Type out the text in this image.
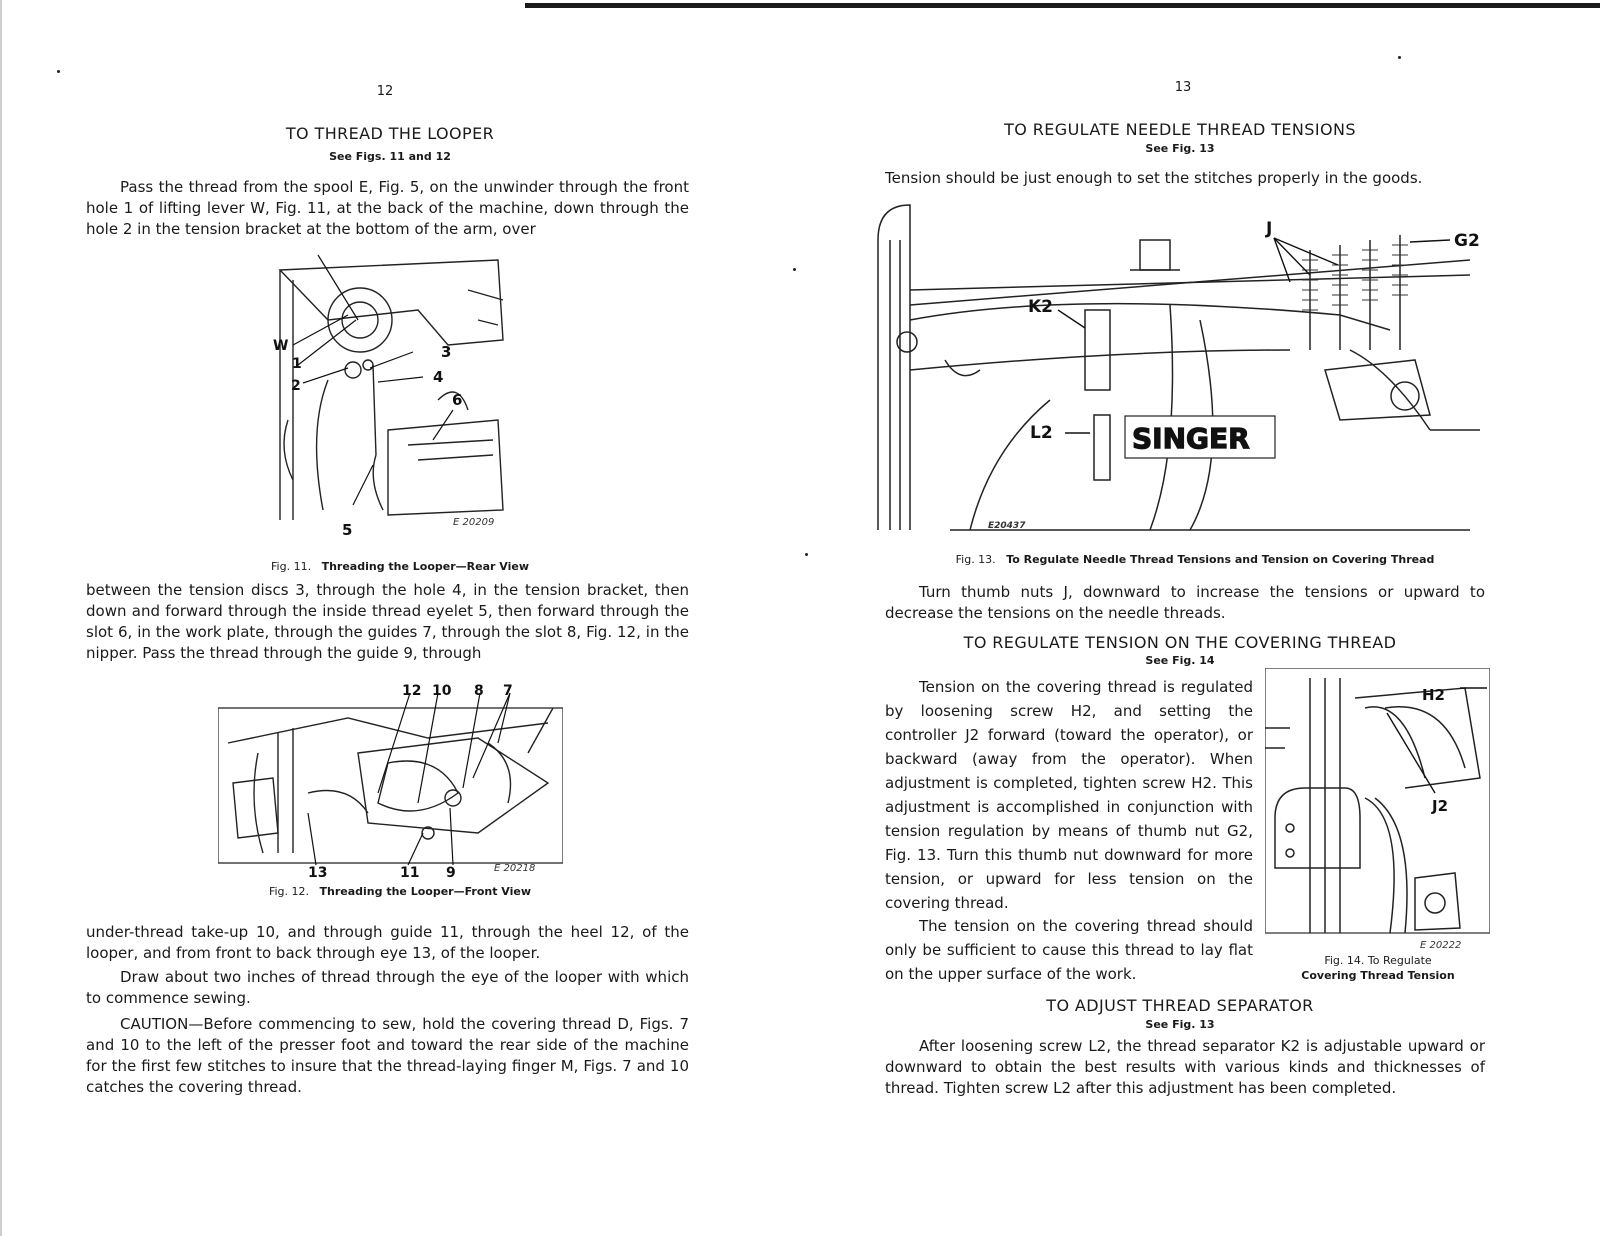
12
TO THREAD THE LOOPER
See Figs. 11 and 12

Pass the thread from the spool E, Fig. 5, on the unwinder through the front hole 1 of lifting lever W, Fig. 11, at the back of the machine, down through the hole 2 in the tension bracket at the bottom of the arm, over

W
1
2
3
4
6
5	E 20209
Fig. 11. Threading the Looper—Rear View

between the tension discs 3, through the hole 4, in the tension bracket, then down and forward through the inside thread eyelet 5, then forward through the slot 6, in the work plate, through the guides 7, through the slot 8, Fig. 12, in the nipper. Pass the thread through the guide 9, through

12 10 8 7
13	11 9	E 20218
Fig. 12. Threading the Looper—Front View

under-thread take-up 10, and through guide 11, through the heel 12, of the looper, and from front to back through eye 13, of the looper.

Draw about two inches of thread through the eye of the looper with which to commence sewing.

CAUTION—Before commencing to sew, hold the covering thread D, Figs. 7 and 10 to the left of the presser foot and toward the rear side of the machine for the first few stitches to insure that the thread-laying finger M, Figs. 7 and 10 catches the covering thread.

13
TO REGULATE NEEDLE THREAD TENSIONS
See Fig. 13

Tension should be just enough to set the stitches properly in the goods.

SINGER
J
G2
K2
L2
E20437
Fig. 13. To Regulate Needle Thread Tensions and Tension on Covering Thread

Turn thumb nuts J, downward to increase the tensions or upward to decrease the tensions on the needle threads.

TO REGULATE TENSION ON THE COVERING THREAD
See Fig. 14

Tension on the covering thread is regulated by loosening screw H2, and setting the controller J2 forward (toward the operator), or backward (away from the operator). When adjustment is completed, tighten screw H2. This adjustment is accomplished in conjunction with tension regulation by means of thumb nut G2, Fig. 13. Turn this thumb nut downward for more tension, or upward for less tension on the covering thread.

The tension on the covering thread should only be sufficient to cause this thread to lay flat on the upper surface of the work.

H2
J2
E 20222
Fig. 14. To Regulate
Covering Thread Tension
TO ADJUST THREAD SEPARATOR
See Fig. 13

After loosening screw L2, the thread separator K2 is adjustable upward or downward to obtain the best results with various kinds and thicknesses of thread. Tighten screw L2 after this adjustment has been completed.
